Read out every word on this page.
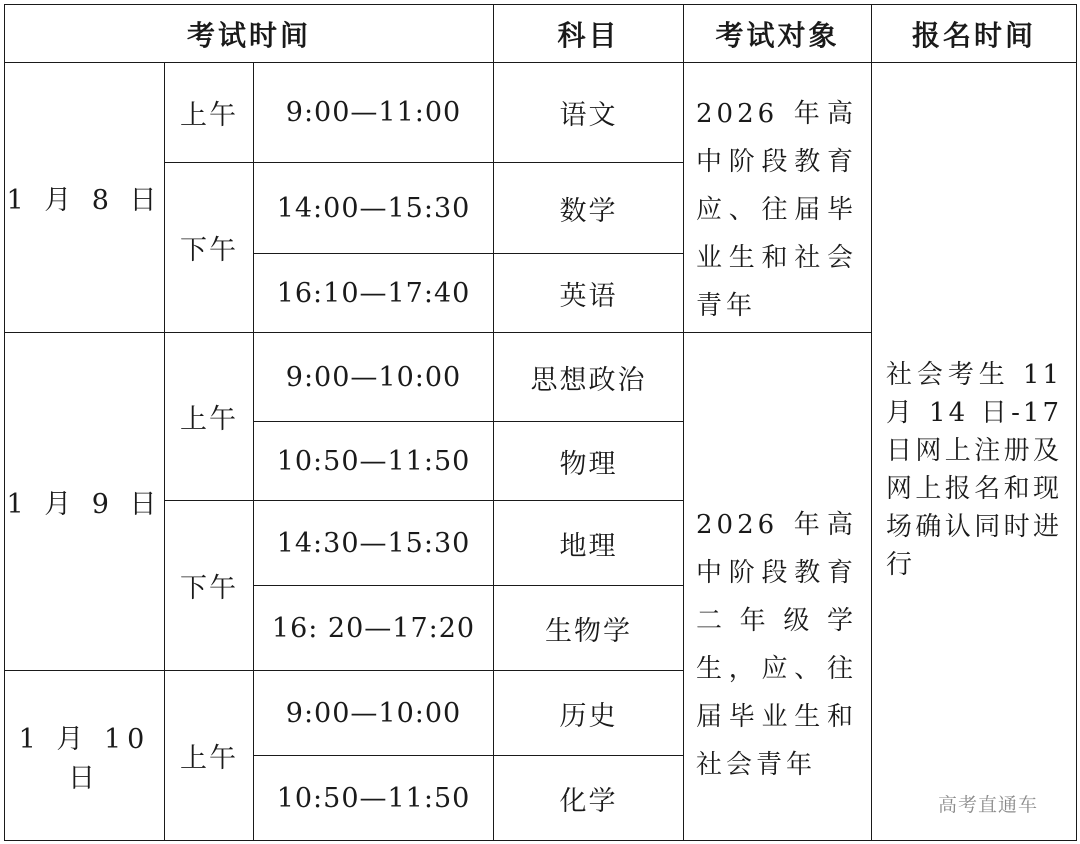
考试时间			科目	考试对象	报名时间
1 月 8 日	上午	9:00—11:00	语文	2026 年高中阶段教育应、往届毕业生和社会青年	社会考生 11 月 14 日-17 日网上注册及网上报名和现场确认同时进行

	下午	14:00—15:30	数学		
		16:10—17:40	英语		
1 月 9 日	上午	9:00—10:00	思想政治	2026 年高中阶段教育二年级学生，应、往届毕业生和社会青年	

		10:50—11:50	物理		
	下午	14:30—15:30	地理		
		16: 20—17:20	生物学		
1 月 10 日	上午	9:00—10:00	历史		
		10:50—11:50	化学			高考直通车
